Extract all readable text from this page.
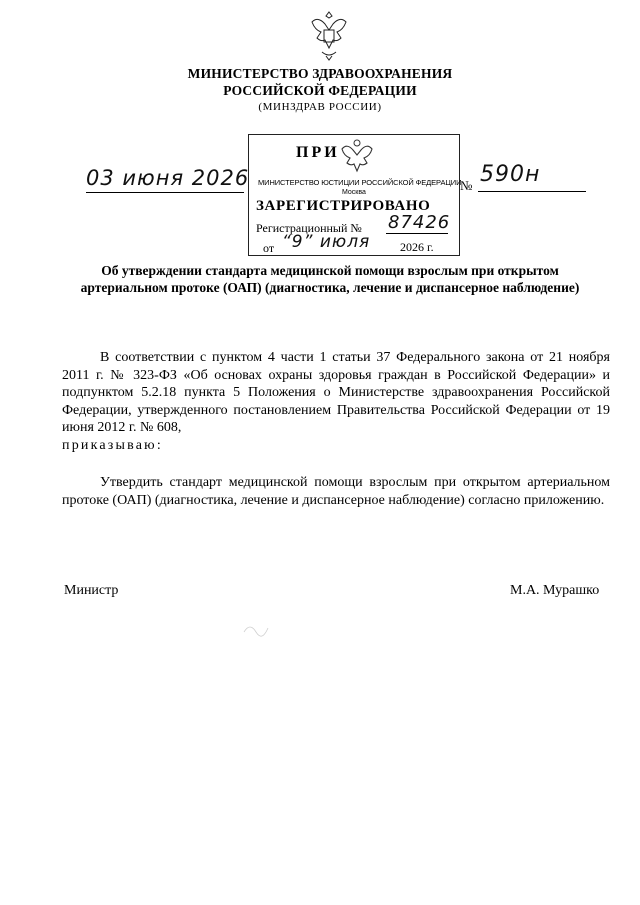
МИНИСТЕРСТВО ЗДРАВООХРАНЕНИЯ
РОССИЙСКОЙ ФЕДЕРАЦИИ
(МИНЗДРАВ РОССИИ)
03 июня 2026	№ 590н
ПРИ
МИНИСТЕРСТВО ЮСТИЦИИ РОССИЙСКОЙ ФЕДЕРАЦИИ
Москва
ЗАРЕГИСТРИРОВАНО
Регистрационный № 87426
от “9” июля 2026 г.
Об утверждении стандарта медицинской помощи взрослым при открытом артериальном протоке (ОАП) (диагностика, лечение и диспансерное наблюдение)
В соответствии с пунктом 4 части 1 статьи 37 Федерального закона от 21 ноября 2011 г. № 323-ФЗ «Об основах охраны здоровья граждан в Российской Федерации» и подпунктом 5.2.18 пункта 5 Положения о Министерстве здравоохранения Российской Федерации, утвержденного постановлением Правительства Российской Федерации от 19 июня 2012 г. № 608,
приказываю:
Утвердить стандарт медицинской помощи взрослым при открытом артериальном протоке (ОАП) (диагностика, лечение и диспансерное наблюдение) согласно приложению.
Министр	М.А. Мурашко
